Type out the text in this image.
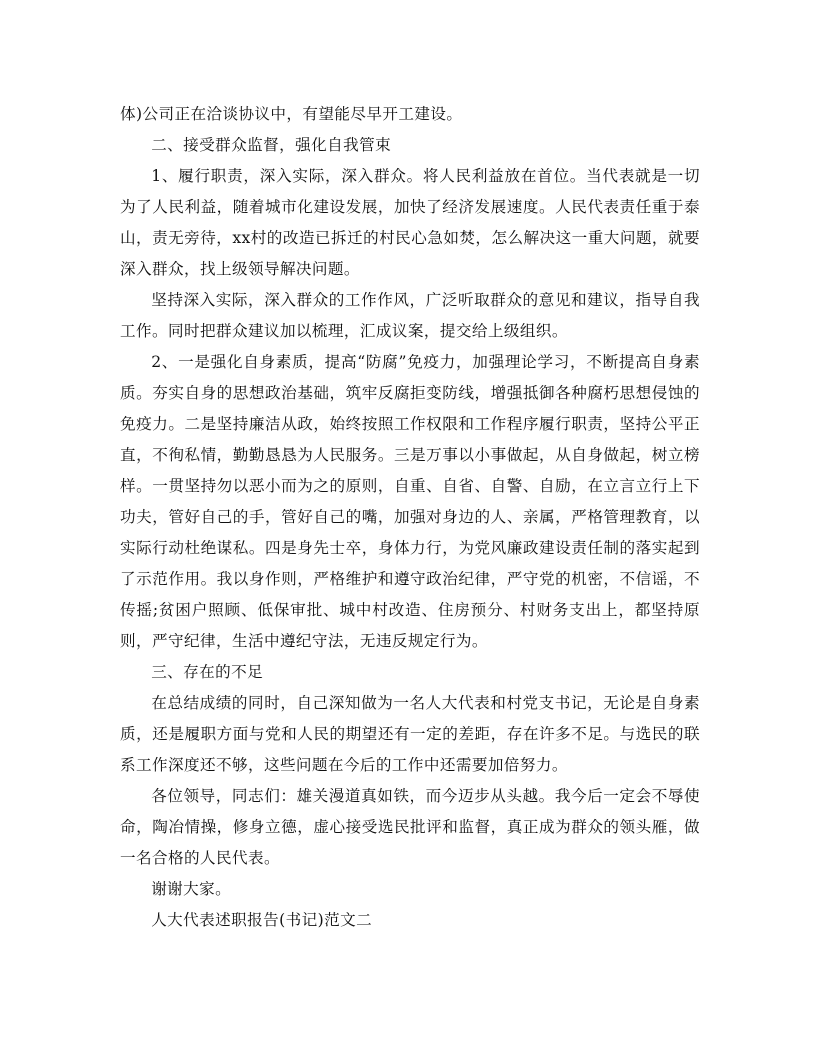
体)公司正在洽谈协议中，有望能尽早开工建设。

二、接受群众监督，强化自我管束

1、履行职责，深入实际，深入群众。将人民利益放在首位。当代表就是一切为了人民利益，随着城市化建设发展，加快了经济发展速度。人民代表责任重于泰山，责无旁待，xx村的改造已拆迁的村民心急如焚，怎么解决这一重大问题，就要深入群众，找上级领导解决问题。

坚持深入实际，深入群众的工作作风，广泛听取群众的意见和建议，指导自我工作。同时把群众建议加以梳理，汇成议案，提交给上级组织。

2、一是强化自身素质，提高“防腐”免疫力，加强理论学习，不断提高自身素质。夯实自身的思想政治基础，筑牢反腐拒变防线，增强抵御各种腐朽思想侵蚀的免疫力。二是坚持廉洁从政，始终按照工作权限和工作程序履行职责，坚持公平正直，不徇私情，勤勤恳恳为人民服务。三是万事以小事做起，从自身做起，树立榜样。一贯坚持勿以恶小而为之的原则，自重、自省、自警、自励，在立言立行上下功夫，管好自己的手，管好自己的嘴，加强对身边的人、亲属，严格管理教育，以实际行动杜绝谋私。四是身先士卒，身体力行，为党风廉政建设责任制的落实起到了示范作用。我以身作则，严格维护和遵守政治纪律，严守党的机密，不信谣，不传摇;贫困户照顾、低保审批、城中村改造、住房预分、村财务支出上，都坚持原则，严守纪律，生活中遵纪守法，无违反规定行为。

三、存在的不足

在总结成绩的同时，自己深知做为一名人大代表和村党支书记，无论是自身素质，还是履职方面与党和人民的期望还有一定的差距，存在许多不足。与选民的联系工作深度还不够，这些问题在今后的工作中还需要加倍努力。

各位领导，同志们：雄关漫道真如铁，而今迈步从头越。我今后一定会不辱使命，陶冶情操，修身立德，虚心接受选民批评和监督，真正成为群众的领头雁，做一名合格的人民代表。

谢谢大家。

人大代表述职报告(书记)范文二
